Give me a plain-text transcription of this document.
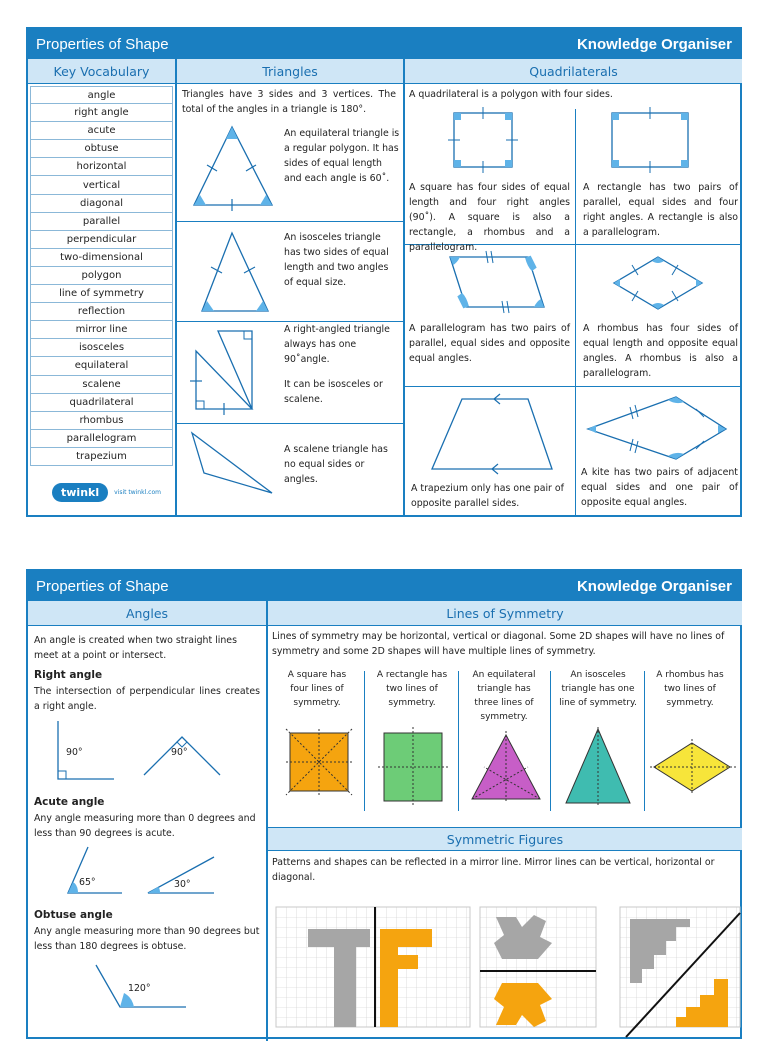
Properties of Shape	Knowledge Organiser
Key Vocabulary	Triangles	Quadrilaterals
angle
right angle
acute
obtuse
horizontal
vertical
diagonal
parallel
perpendicular
two-dimensional
polygon
line of symmetry
reflection
mirror line
isosceles
equilateral
scalene
quadrilateral
rhombus
parallelogram
trapezium
twinkl	visit twinkl.com
Triangles have 3 sides and 3 vertices. The total of the angles in a triangle is 180°.
An equilateral triangle is a regular polygon. It has sides of equal length and each angle is 60˚.
An isosceles triangle has two sides of equal length and two angles of equal size.
A right-angled triangle always has one 90˚angle.
It can be isosceles or scalene.
A scalene triangle has no equal sides or angles.
A quadrilateral is a polygon with four sides.
A square has four sides of equal length and four right angles (90˚). A square is also a rectangle, a rhombus and a parallelogram.
A rectangle has two pairs of parallel, equal sides and four right angles. A rectangle is also a parallelogram.
A parallelogram has two pairs of parallel, equal sides and opposite equal angles.
A rhombus has four sides of equal length and opposite equal angles. A rhombus is also a parallelogram.
A trapezium only has one pair of opposite parallel sides.
A kite has two pairs of adjacent equal sides and one pair of opposite equal angles.
Properties of Shape	Knowledge Organiser
Angles	Lines of Symmetry
An angle is created when two straight lines meet at a point or intersect.
Right angle
The intersection of perpendicular lines creates a right angle.
90°	90°
Acute angle
Any angle measuring more than 0 degrees and less than 90 degrees is acute.
65°	30°
Obtuse angle
Any angle measuring more than 90 degrees but less than 180 degrees is obtuse.
120°
Lines of symmetry may be horizontal, vertical or diagonal. Some 2D shapes will have no lines of symmetry and some 2D shapes will have multiple lines of symmetry.
A square has four lines of symmetry.
A rectangle has two lines of symmetry.
An equilateral triangle has three lines of symmetry.
An isosceles triangle has one line of symmetry.
A rhombus has two lines of symmetry.
Symmetric Figures
Patterns and shapes can be reflected in a mirror line. Mirror lines can be vertical, horizontal or diagonal.
